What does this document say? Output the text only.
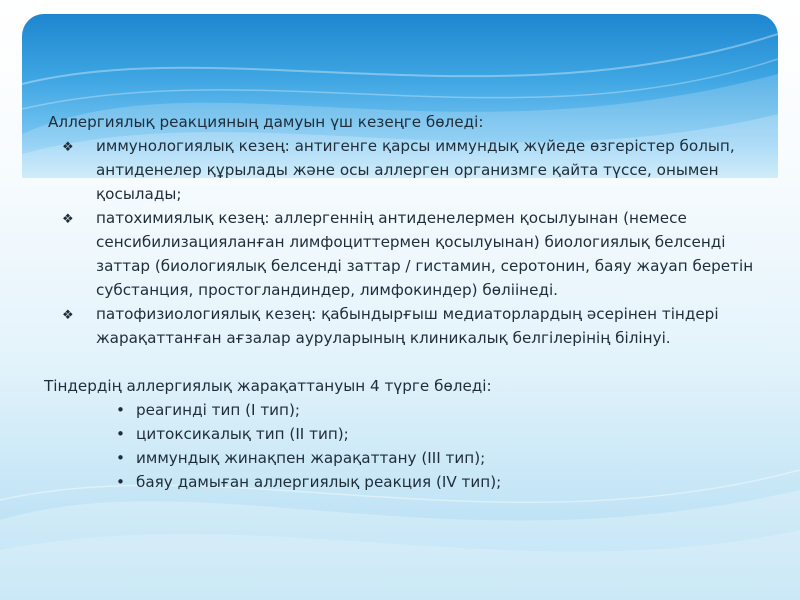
Аллергиялық реакцияның дамуын үш кезеңге бөледі:
❖ иммунологиялық кезең: антигенге қарсы иммундық жүйеде өзгерістер болып, антиденелер құрылады және осы аллерген организмге қайта түссе, онымен қосылады;
❖ патохимиялық кезең: аллергеннің антиденелермен қосылуынан (немесе сенсибилизацияланған лимфоциттермен қосылуынан) биологиялық белсенді заттар (биологиялық белсенді заттар / гистамин, серотонин, баяу жауап беретін субстанция, простогландиндер, лимфокиндер) бөліінеді.
❖ патофизиологиялық кезең: қабындырғыш медиаторлардың әсерінен тіндері жарақаттанған ағзалар ауруларының клиникалық белгілерінің білінуі.
Тіндердің аллергиялық жарақаттануын 4 түрге бөледі:
• реагинді тип (І тип);
• цитоксикалық тип (ІІ тип);
• иммундық жинақпен жарақаттану (ІІІ тип);
• баяу дамыған аллергиялық реакция (ІV тип);
